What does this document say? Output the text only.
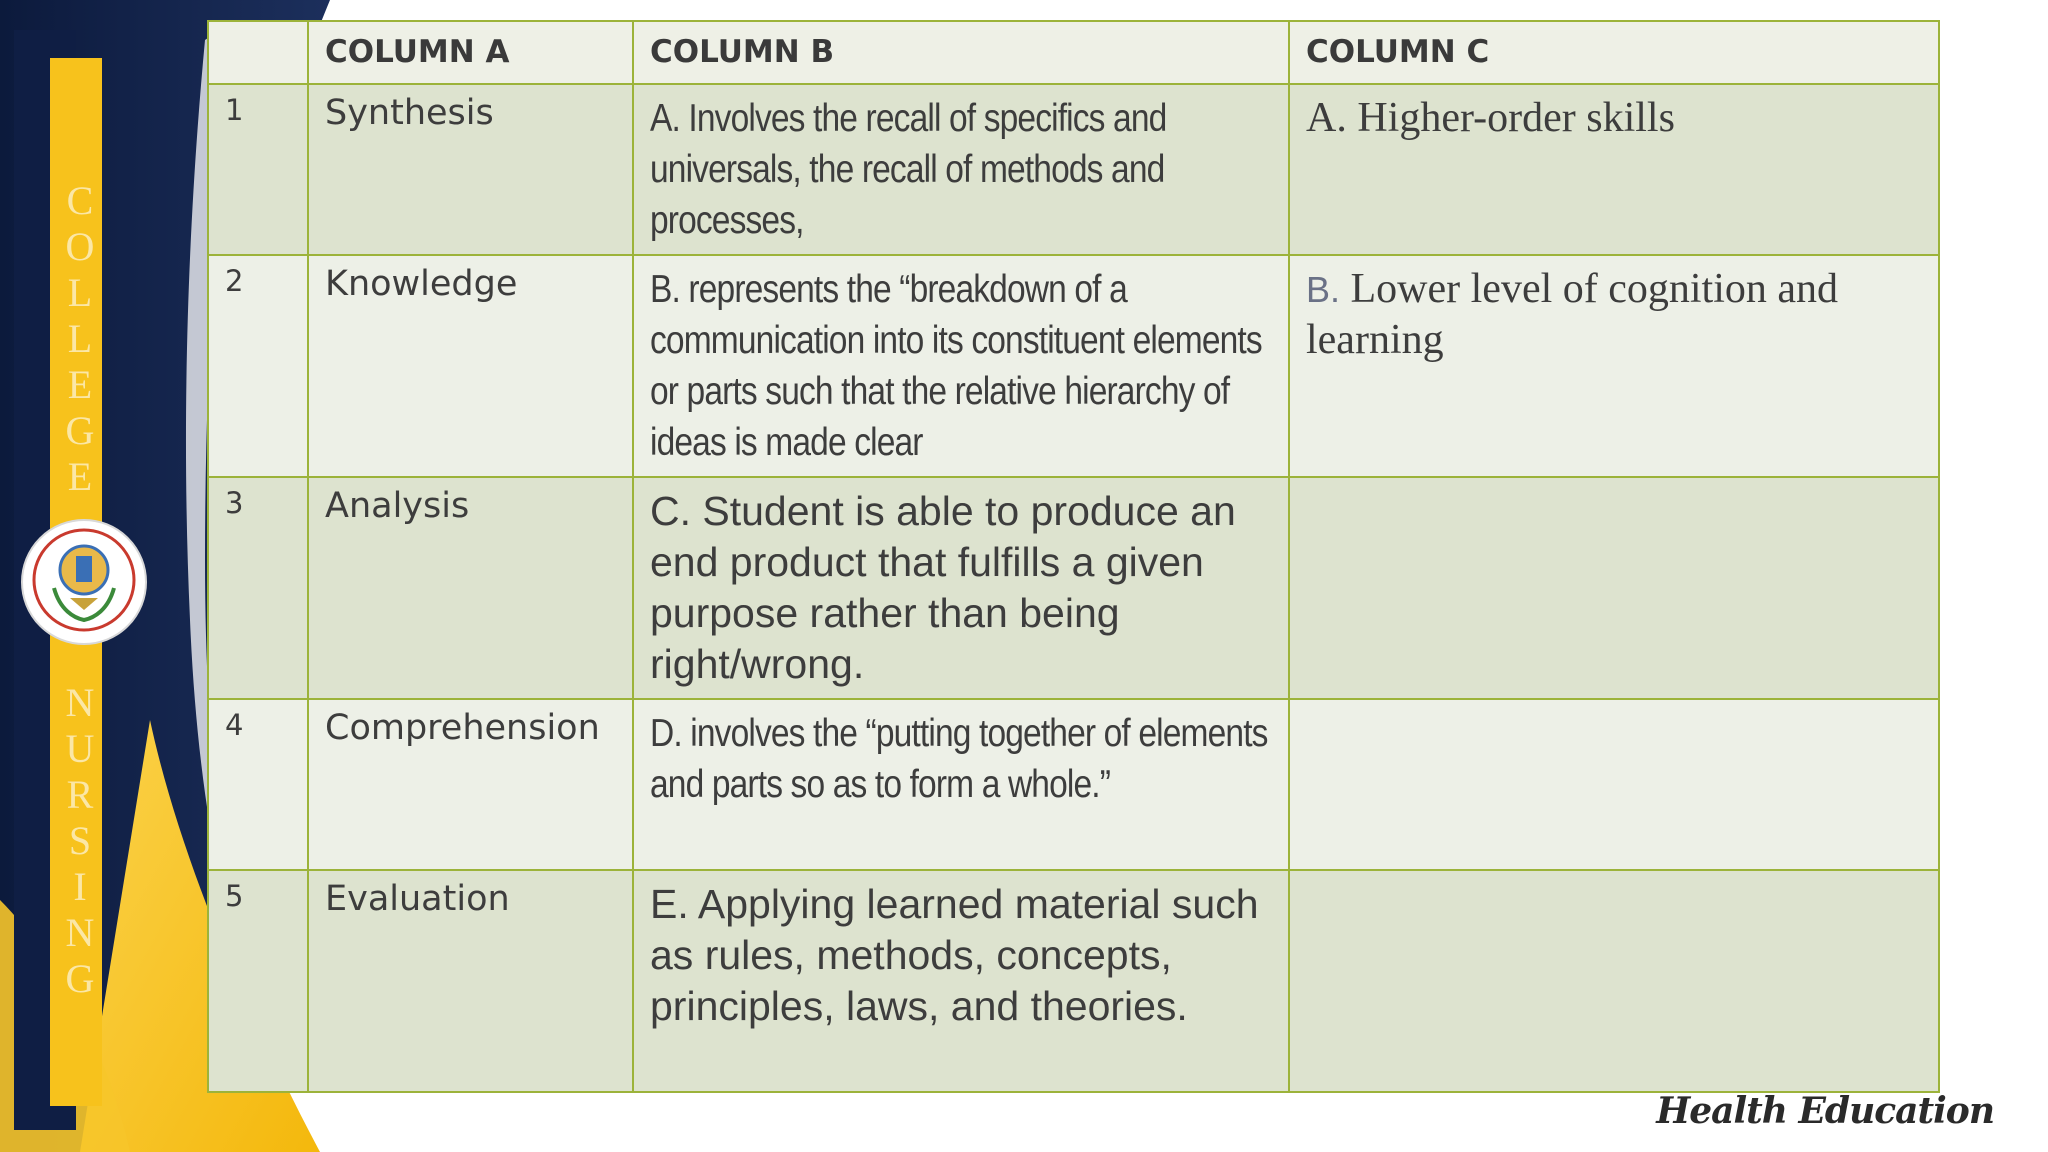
C
O
L
L
E
G
E
N
U
R
S
I
N
G
	COLUMN A	COLUMN B	COLUMN C
1	Synthesis	A. Involves the recall of specifics and universals, the recall of methods and processes,	A. Higher-order skills
2	Knowledge	B. represents the “breakdown of a communication into its constituent elements or parts such that the relative hierarchy of ideas is made clear	B. Lower level of cognition and learning
3	Analysis	C. Student is able to produce an end product that fulfills a given purpose rather than being right/wrong.	
4	Comprehension	D. involves the “putting together of elements and parts so as to form a whole.”	
5	Evaluation	E. Applying learned material such as rules, methods, concepts, principles, laws, and theories.	
Health Education
